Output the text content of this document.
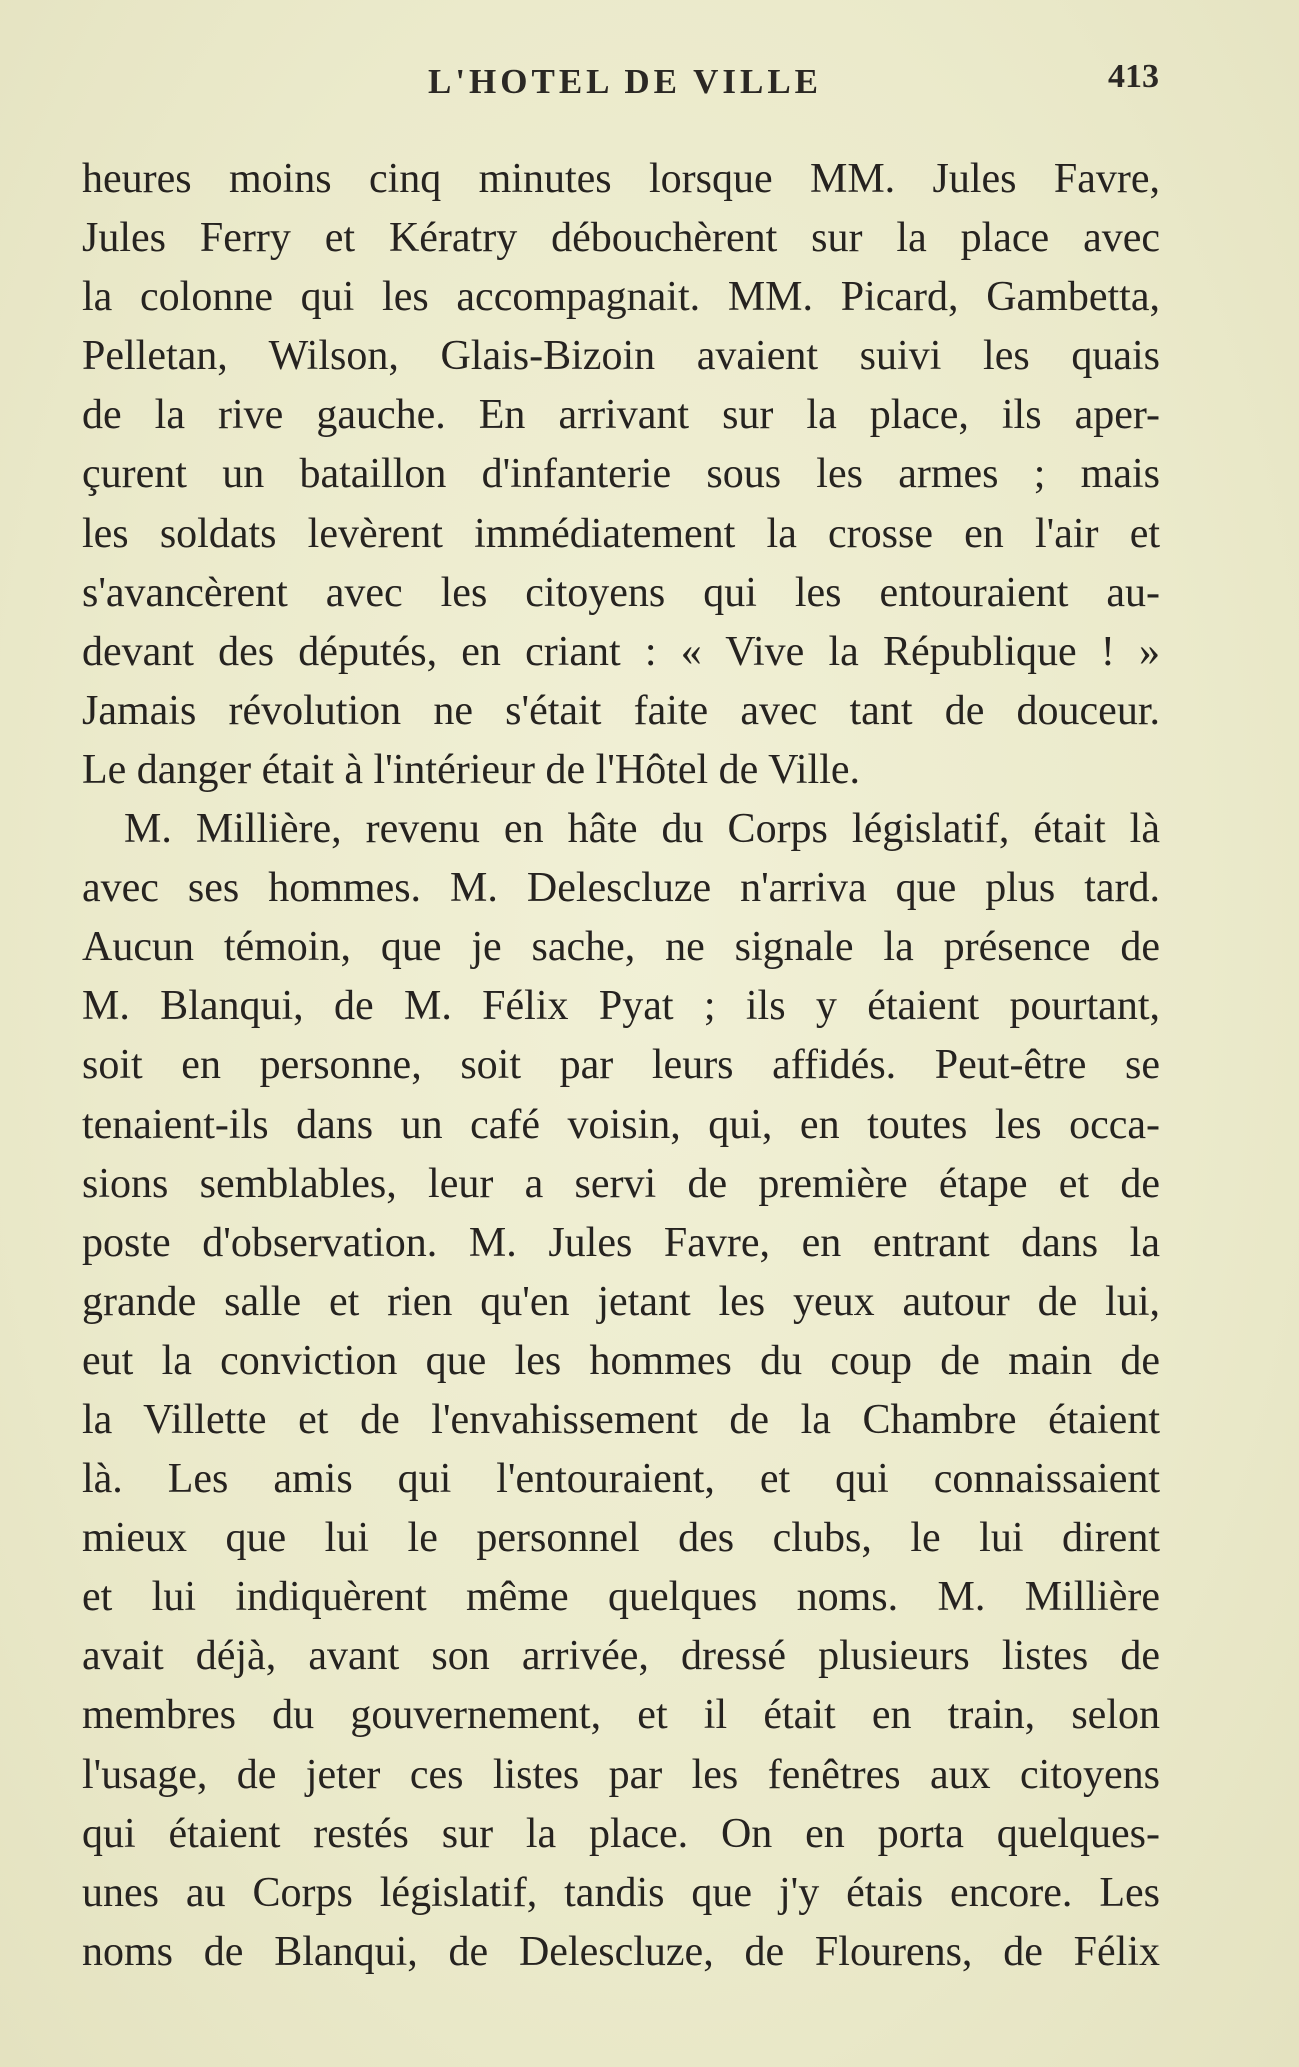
L'HOTEL DE VILLE	413
heures moins cinq minutes lorsque MM. Jules Favre,
Jules Ferry et Kératry débouchèrent sur la place avec
la colonne qui les accompagnait. MM. Picard, Gambetta,
Pelletan, Wilson, Glais-Bizoin avaient suivi les quais
de la rive gauche. En arrivant sur la place, ils aper-
çurent un bataillon d'infanterie sous les armes ; mais
les soldats levèrent immédiatement la crosse en l'air et
s'avancèrent avec les citoyens qui les entouraient au-
devant des députés, en criant : « Vive la République ! »
Jamais révolution ne s'était faite avec tant de douceur.
Le danger était à l'intérieur de l'Hôtel de Ville.
M. Millière, revenu en hâte du Corps législatif, était là
avec ses hommes. M. Delescluze n'arriva que plus tard.
Aucun témoin, que je sache, ne signale la présence de
M. Blanqui, de M. Félix Pyat ; ils y étaient pourtant,
soit en personne, soit par leurs affidés. Peut-être se
tenaient-ils dans un café voisin, qui, en toutes les occa-
sions semblables, leur a servi de première étape et de
poste d'observation. M. Jules Favre, en entrant dans la
grande salle et rien qu'en jetant les yeux autour de lui,
eut la conviction que les hommes du coup de main de
la Villette et de l'envahissement de la Chambre étaient
là. Les amis qui l'entouraient, et qui connaissaient
mieux que lui le personnel des clubs, le lui dirent
et lui indiquèrent même quelques noms. M. Millière
avait déjà, avant son arrivée, dressé plusieurs listes de
membres du gouvernement, et il était en train, selon
l'usage, de jeter ces listes par les fenêtres aux citoyens
qui étaient restés sur la place. On en porta quelques-
unes au Corps législatif, tandis que j'y étais encore. Les
noms de Blanqui, de Delescluze, de Flourens, de Félix
